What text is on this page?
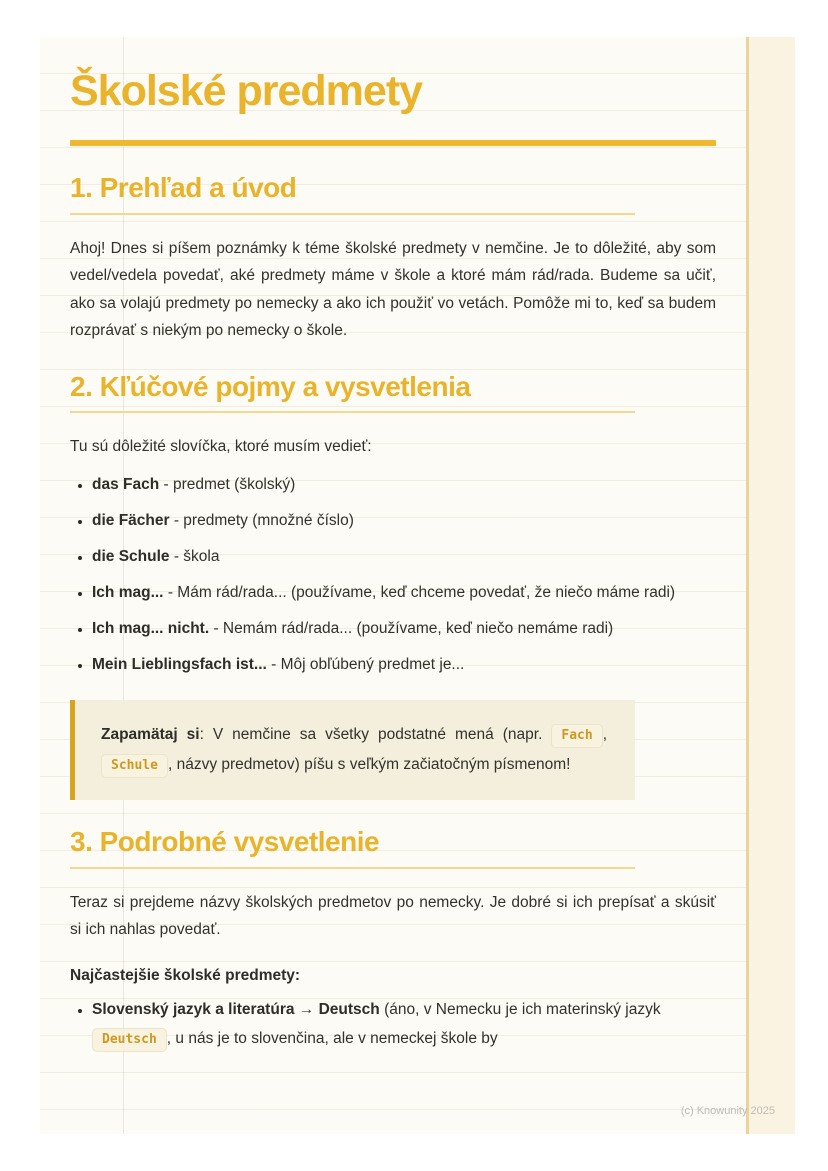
Školské predmety
1. Prehľad a úvod

Ahoj! Dnes si píšem poznámky k téme školské predmety v nemčine. Je to dôležité, aby som vedel/vedela povedať, aké predmety máme v škole a ktoré mám rád/rada. Budeme sa učiť, ako sa volajú predmety po nemecky a ako ich použiť vo vetách. Pomôže mi to, keď sa budem rozprávať s niekým po nemecky o škole.

2. Kľúčové pojmy a vysvetlenia

Tu sú dôležité slovíčka, ktoré musím vedieť:

• das Fach - predmet (školský)
• die Fächer - predmety (množné číslo)
• die Schule - škola
• Ich mag... - Mám rád/rada... (používame, keď chceme povedať, že niečo máme radi)
• Ich mag... nicht. - Nemám rád/rada... (používame, keď niečo nemáme radi)
• Mein Lieblingsfach ist... - Môj obľúbený predmet je...

Zapamätaj si: V nemčine sa všetky podstatné mená (napr. Fach , Schule , názvy predmetov) píšu s veľkým začiatočným písmenom!

3. Podrobné vysvetlenie

Teraz si prejdeme názvy školských predmetov po nemecky. Je dobré si ich prepísať a skúsiť si ich nahlas povedať.

Najčastejšie školské predmety:

• Slovenský jazyk a literatúra → Deutsch (áno, v Nemecku je ich materinský jazyk Deutsch , u nás je to slovenčina, ale v nemeckej škole by
(c) Knowunity 2025
